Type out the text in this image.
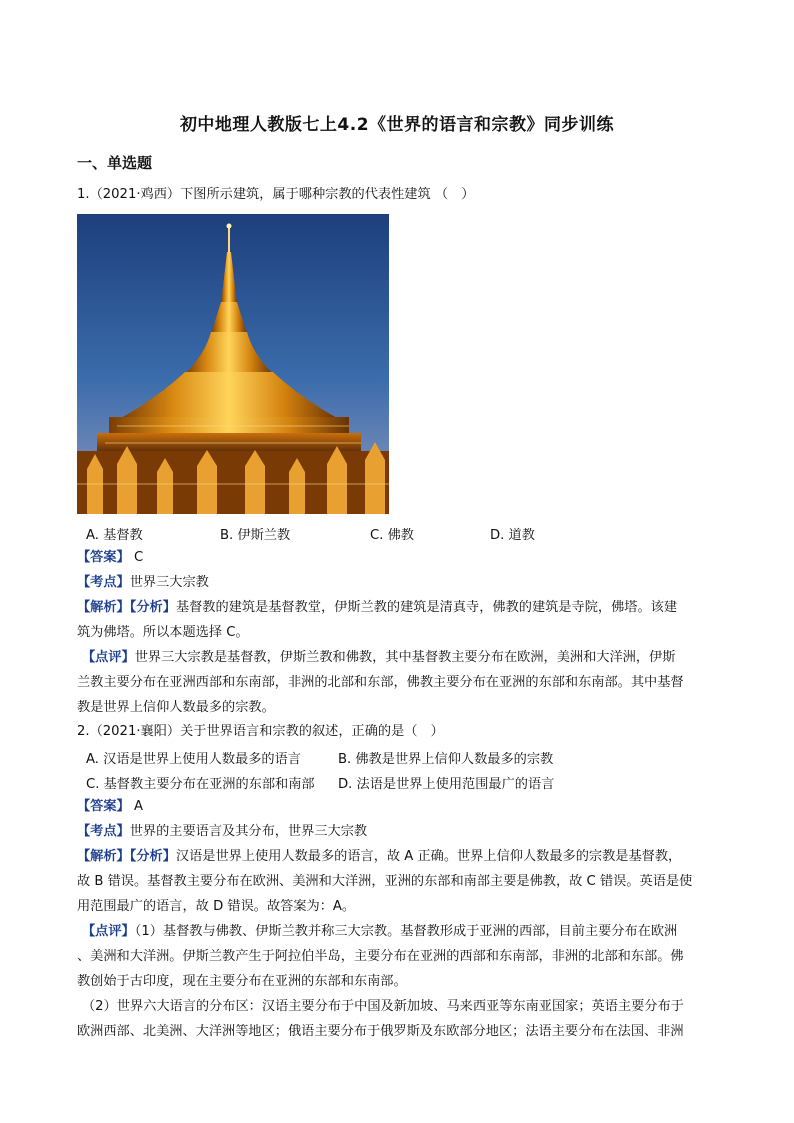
初中地理人教版七上4.2《世界的语言和宗教》同步训练
一、单选题
1.（2021·鸡西）下图所示建筑，属于哪种宗教的代表性建筑 （　）
A. 基督教	B. 伊斯兰教	C. 佛教	D. 道教
【答案】 C
【考点】世界三大宗教
【解析】【分析】基督教的建筑是基督教堂，伊斯兰教的建筑是清真寺，佛教的建筑是寺院，佛塔。该建
筑为佛塔。所以本题选择 C。
【点评】世界三大宗教是基督教，伊斯兰教和佛教，其中基督教主要分布在欧洲，美洲和大洋洲，伊斯
兰教主要分布在亚洲西部和东南部，非洲的北部和东部，佛教主要分布在亚洲的东部和东南部。其中基督
教是世界上信仰人数最多的宗教。
2.（2021·襄阳）关于世界语言和宗教的叙述，正确的是（　）
A. 汉语是世界上使用人数最多的语言	B. 佛教是世界上信仰人数最多的宗教
C. 基督教主要分布在亚洲的东部和南部 D. 法语是世界上使用范围最广的语言
【答案】 A
【考点】世界的主要语言及其分布，世界三大宗教
【解析】【分析】汉语是世界上使用人数最多的语言，故 A 正确。世界上信仰人数最多的宗教是基督教，
故 B 错误。基督教主要分布在欧洲、美洲和大洋洲，亚洲的东部和南部主要是佛教，故 C 错误。英语是使
用范围最广的语言，故 D 错误。故答案为：A。
【点评】（1）基督教与佛教、伊斯兰教并称三大宗教。基督教形成于亚洲的西部，目前主要分布在欧洲
、美洲和大洋洲。伊斯兰教产生于阿拉伯半岛，主要分布在亚洲的西部和东南部，非洲的北部和东部。佛
教创始于古印度，现在主要分布在亚洲的东部和东南部。
（2）世界六大语言的分布区：汉语主要分布于中国及新加坡、马来西亚等东南亚国家；英语主要分布于
欧洲西部、北美洲、大洋洲等地区；俄语主要分布于俄罗斯及东欧部分地区；法语主要分布在法国、非洲
